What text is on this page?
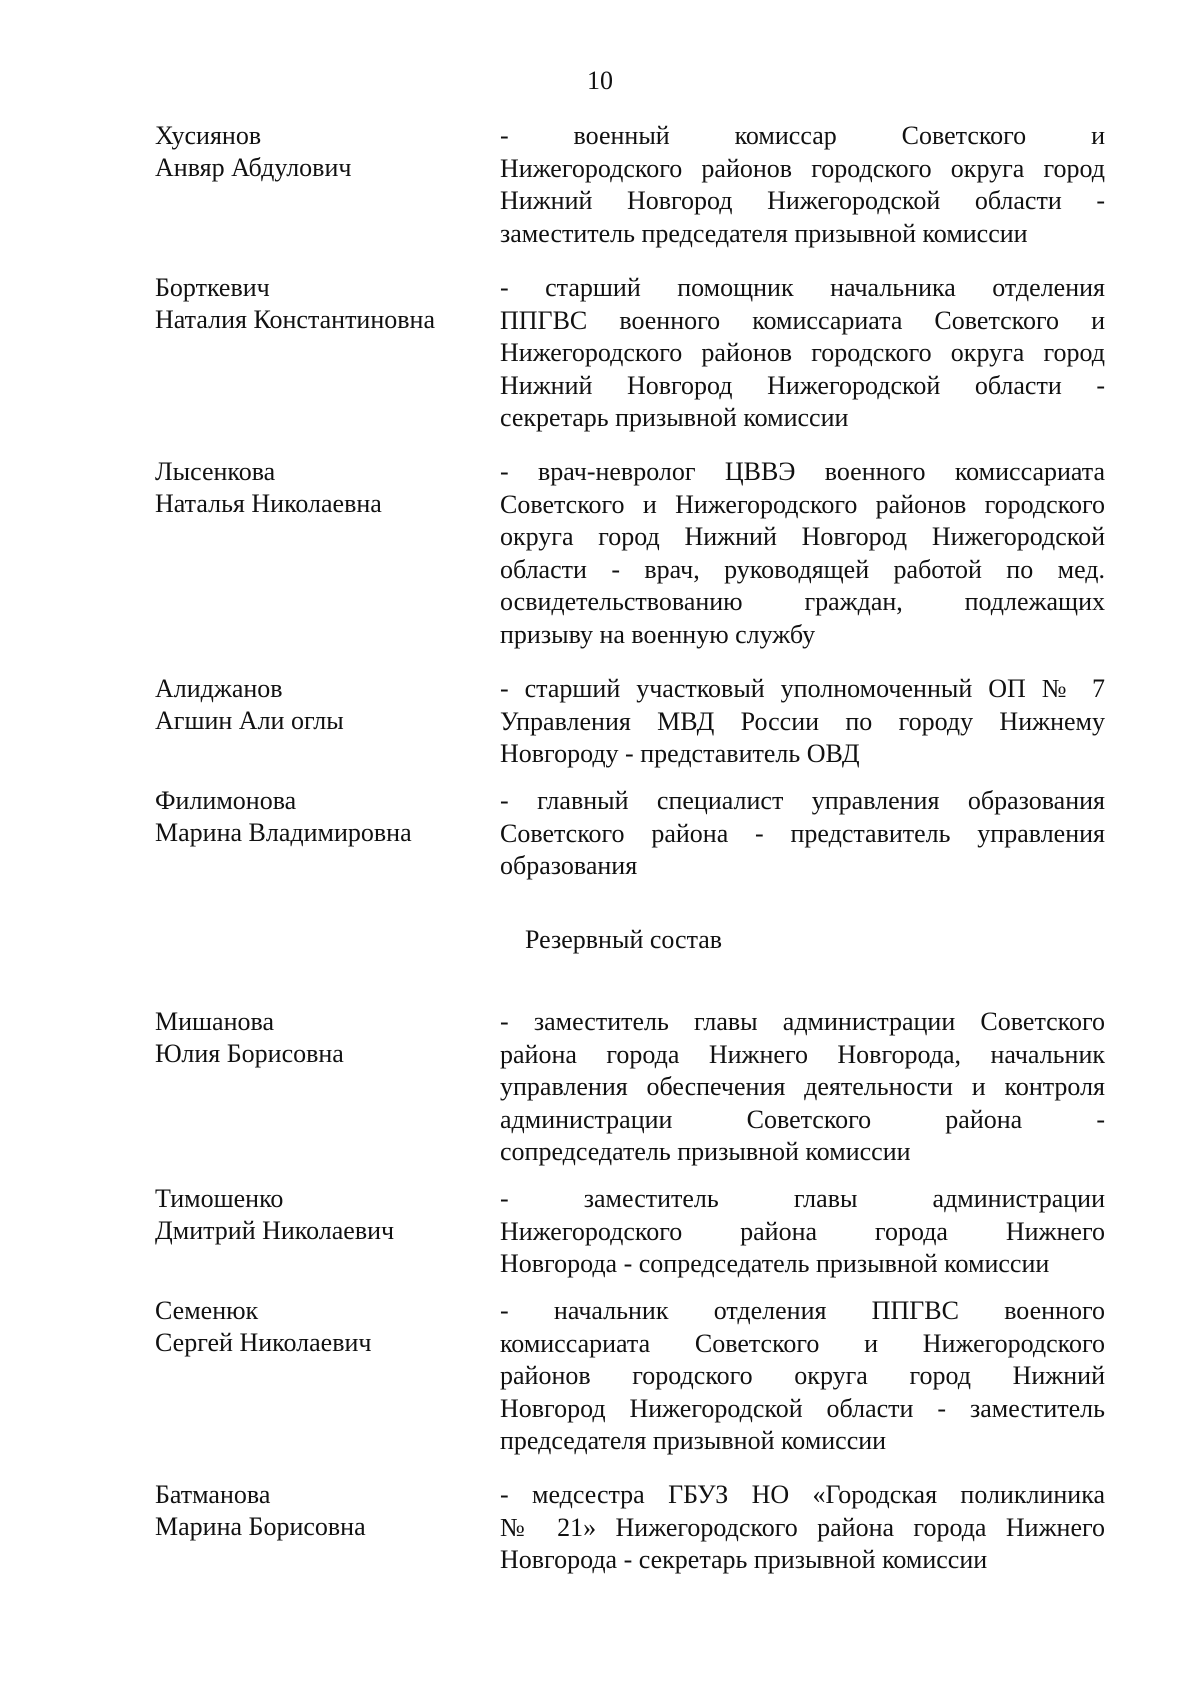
10
Хусиянов
Анвяр Абдулович
- военный комиссар Советского и
Нижегородского районов городского округа город
Нижний Новгород Нижегородской области -
заместитель председателя призывной комиссии
Борткевич
Наталия Константиновна
- старший помощник начальника отделения
ППГВС военного комиссариата Советского и
Нижегородского районов городского округа город
Нижний Новгород Нижегородской области -
секретарь призывной комиссии
Лысенкова
Наталья Николаевна
- врач-невролог ЦВВЭ военного комиссариата
Советского и Нижегородского районов городского
округа город Нижний Новгород Нижегородской
области - врач, руководящей работой по мед.
освидетельствованию граждан, подлежащих
призыву на военную службу
Алиджанов
Агшин Али оглы
- старший участковый уполномоченный ОП № 7
Управления МВД России по городу Нижнему
Новгороду - представитель ОВД
Филимонова
Марина Владимировна
- главный специалист управления образования
Советского района - представитель управления
образования
Резервный состав
Мишанова
Юлия Борисовна
- заместитель главы администрации Советского
района города Нижнего Новгорода, начальник
управления обеспечения деятельности и контроля
администрации Советского района -
сопредседатель призывной комиссии
Тимошенко
Дмитрий Николаевич
- заместитель главы администрации
Нижегородского района города Нижнего
Новгорода - сопредседатель призывной комиссии
Семенюк
Сергей Николаевич
- начальник отделения ППГВС военного
комиссариата Советского и Нижегородского
районов городского округа город Нижний
Новгород Нижегородской области - заместитель
председателя призывной комиссии
Батманова
Марина Борисовна
- медсестра ГБУЗ НО «Городская поликлиника
№ 21» Нижегородского района города Нижнего
Новгорода - секретарь призывной комиссии
